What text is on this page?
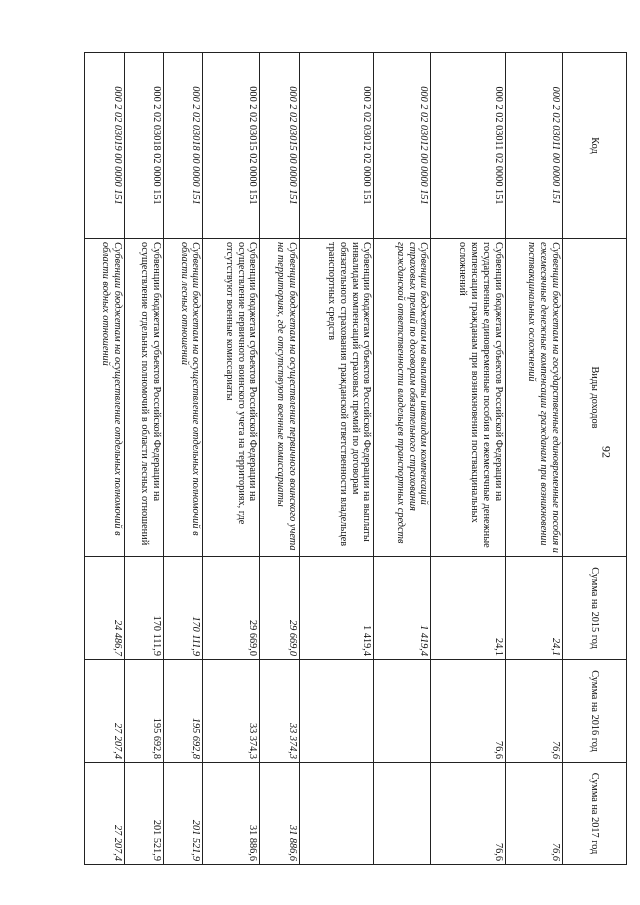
92
Код	Виды доходов	Сумма на 2015 год	Сумма на 2016 год	Сумма на 2017 год
000 2 02 03011 00 0000 151	Субвенции бюджетам на государственные единовременные пособия и ежемесячные денежные компенсации гражданам при возникновении поствакцинальных осложнений	24,1	76,6	76,6
000 2 02 03011 02 0000 151	Субвенции бюджетам субъектов Российской Федерации на государственные единовременные пособия и ежемесячные денежные компенсации гражданам при возникновении поствакцинальных осложнений	24,1	76,6	76,6
000 2 02 03012 00 0000 151	Субвенции бюджетам на выплаты инвалидам компенсаций страховых премий по договорам обязательного страхования гражданской ответственности владельцев транспортных средств	1 419,4		
000 2 02 03012 02 0000 151	Субвенции бюджетам субъектов Российской Федерации на выплаты инвалидам компенсаций страховых премий по договорам обязательного страхования гражданской ответственности владельцев транспортных средств	1 419,4		
000 2 02 03015 00 0000 151	Субвенции бюджетам на осуществление первичного воинского учета на территориях, где отсутствуют военные комиссариаты	29 669,0	33 374,3	31 886,6
000 2 02 03015 02 0000 151	Субвенции бюджетам субъектов Российской Федерации на осуществление первичного воинского учета на территориях, где отсутствуют военные комиссариаты	29 669,0	33 374,3	31 886,6
000 2 02 03018 00 0000 151	Субвенции бюджетам на осуществление отдельных полномочий в области лесных отношений	170 111,9	195 692,8	201 521,9
000 2 02 03018 02 0000 151	Субвенции бюджетам субъектов Российской Федерации на осуществление отдельных полномочий в области лесных отношений	170 111,9	195 692,8	201 521,9
000 2 02 03019 00 0000 151	Субвенции бюджетам на осуществление отдельных полномочий в области водных отношений	24 486,7	27 207,4	27 207,4
